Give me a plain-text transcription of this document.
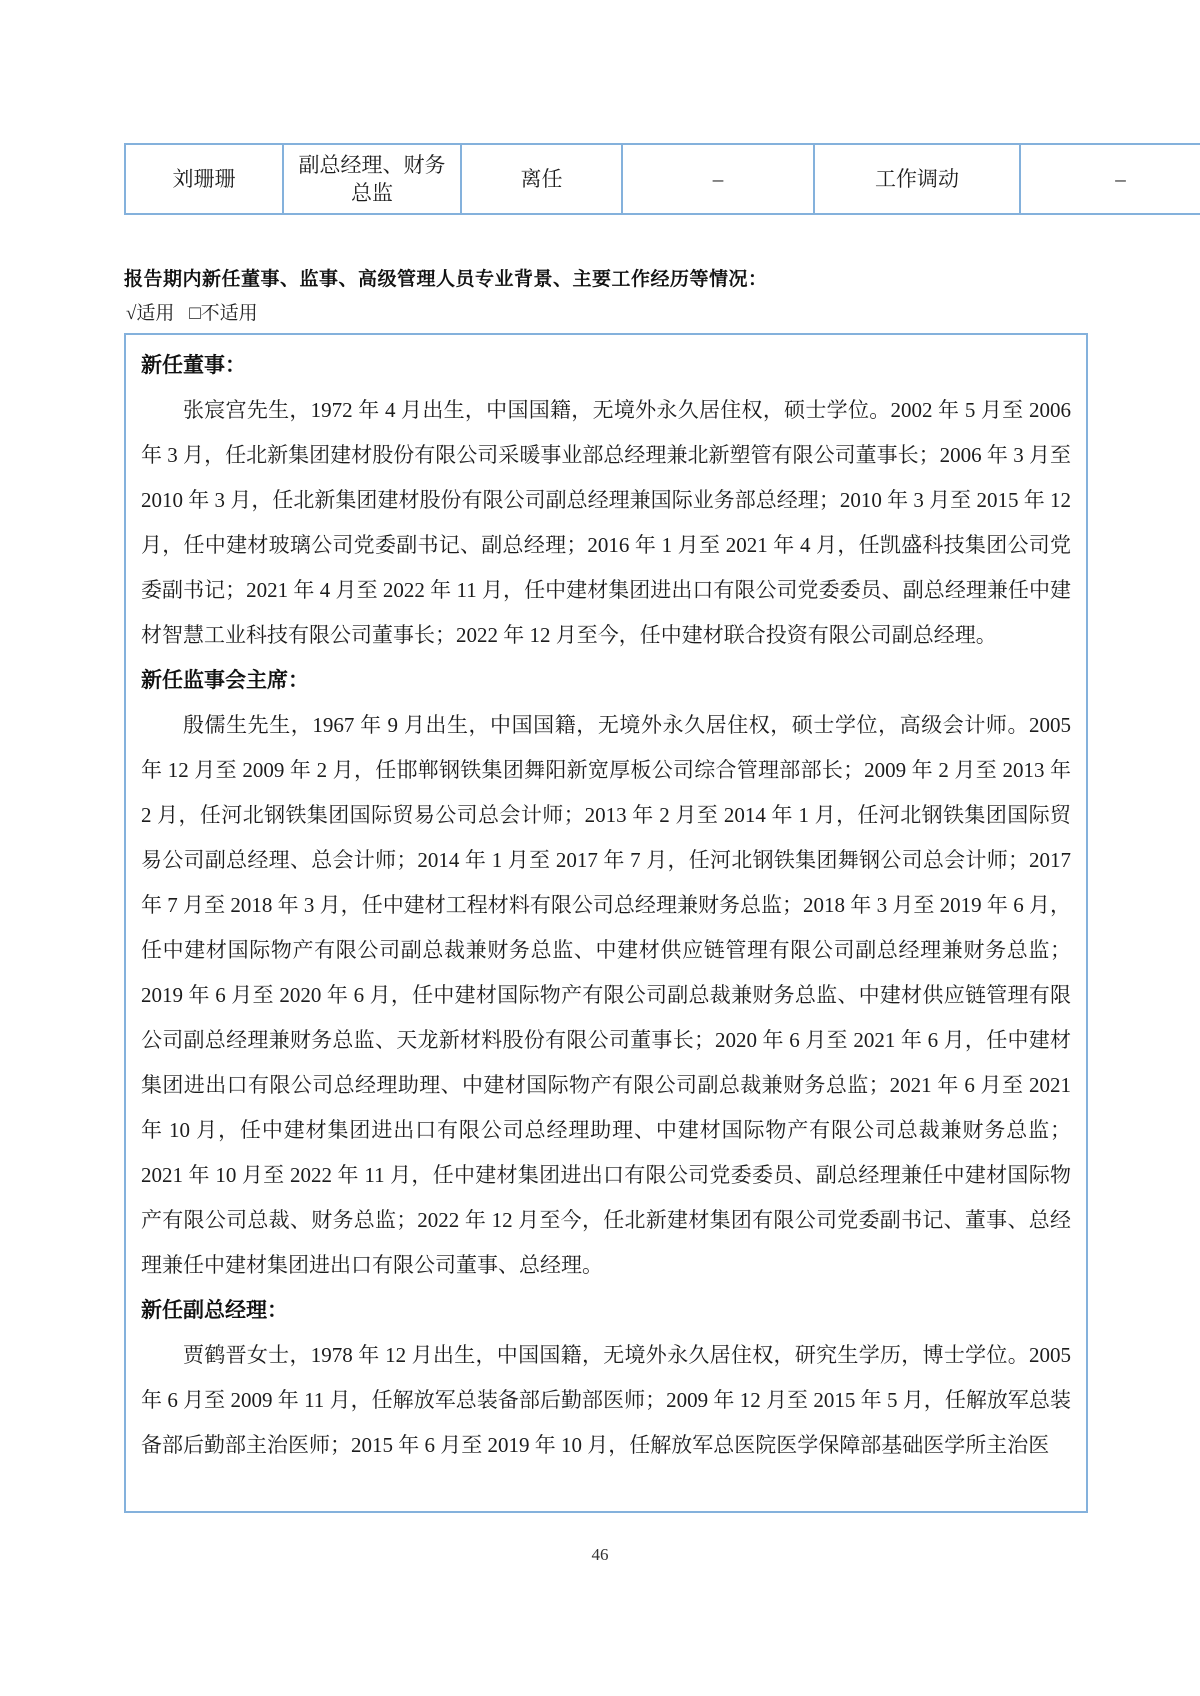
刘珊珊	副总经理、财务总监	离任	–	工作调动	–
报告期内新任董事、监事、高级管理人员专业背景、主要工作经历等情况：
√适用 □不适用
新任董事：

张宸宫先生，1972 年 4 月出生，中国国籍，无境外永久居住权，硕士学位。2002 年 5 月至 2006 年 3 月，任北新集团建材股份有限公司采暖事业部总经理兼北新塑管有限公司董事长；2006 年 3 月至 2010 年 3 月，任北新集团建材股份有限公司副总经理兼国际业务部总经理；2010 年 3 月至 2015 年 12 月，任中建材玻璃公司党委副书记、副总经理；2016 年 1 月至 2021 年 4 月，任凯盛科技集团公司党委副书记；2021 年 4 月至 2022 年 11 月，任中建材集团进出口有限公司党委委员、副总经理兼任中建材智慧工业科技有限公司董事长；2022 年 12 月至今，任中建材联合投资有限公司副总经理。

新任监事会主席：

殷儒生先生，1967 年 9 月出生，中国国籍，无境外永久居住权，硕士学位，高级会计师。2005 年 12 月至 2009 年 2 月，任邯郸钢铁集团舞阳新宽厚板公司综合管理部部长；2009 年 2 月至 2013 年 2 月，任河北钢铁集团国际贸易公司总会计师；2013 年 2 月至 2014 年 1 月，任河北钢铁集团国际贸易公司副总经理、总会计师；2014 年 1 月至 2017 年 7 月，任河北钢铁集团舞钢公司总会计师；2017 年 7 月至 2018 年 3 月，任中建材工程材料有限公司总经理兼财务总监；2018 年 3 月至 2019 年 6 月，任中建材国际物产有限公司副总裁兼财务总监、中建材供应链管理有限公司副总经理兼财务总监；2019 年 6 月至 2020 年 6 月，任中建材国际物产有限公司副总裁兼财务总监、中建材供应链管理有限公司副总经理兼财务总监、天龙新材料股份有限公司董事长；2020 年 6 月至 2021 年 6 月，任中建材集团进出口有限公司总经理助理、中建材国际物产有限公司副总裁兼财务总监；2021 年 6 月至 2021 年 10 月，任中建材集团进出口有限公司总经理助理、中建材国际物产有限公司总裁兼财务总监；2021 年 10 月至 2022 年 11 月，任中建材集团进出口有限公司党委委员、副总经理兼任中建材国际物产有限公司总裁、财务总监；2022 年 12 月至今，任北新建材集团有限公司党委副书记、董事、总经理兼任中建材集团进出口有限公司董事、总经理。

新任副总经理：

贾鹤晋女士，1978 年 12 月出生，中国国籍，无境外永久居住权，研究生学历，博士学位。2005 年 6 月至 2009 年 11 月，任解放军总装备部后勤部医师；2009 年 12 月至 2015 年 5 月，任解放军总装备部后勤部主治医师；2015 年 6 月至 2019 年 10 月，任解放军总医院医学保障部基础医学所主治医

46
